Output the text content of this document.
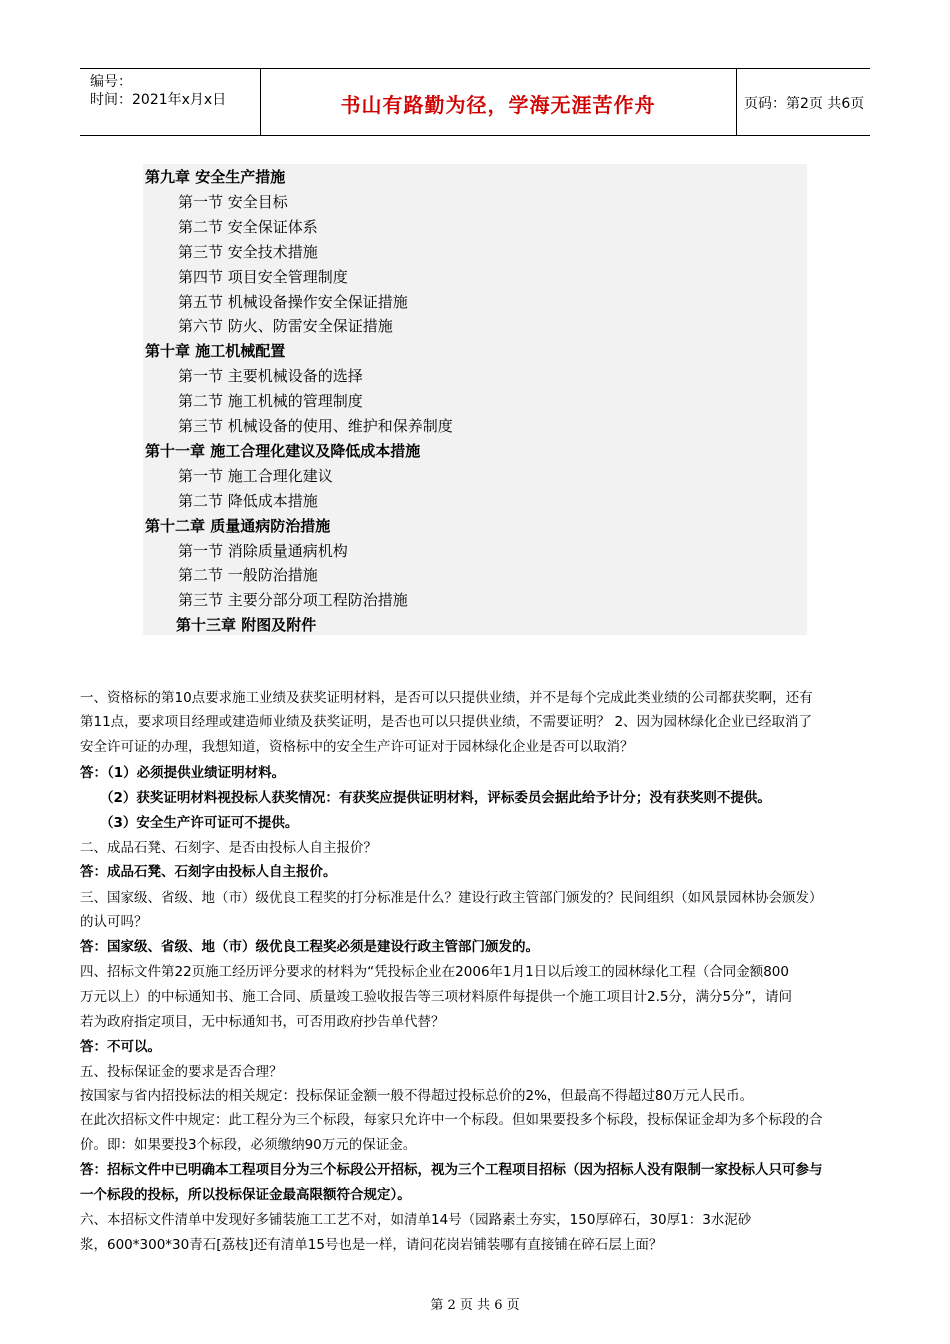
编号：
时间：2021年x月x日	书山有路勤为径，学海无涯苦作舟	页码：第2页 共6页
第九章 安全生产措施
第一节 安全目标
第二节 安全保证体系
第三节 安全技术措施
第四节 项目安全管理制度
第五节 机械设备操作安全保证措施
第六节 防火、防雷安全保证措施
第十章 施工机械配置
第一节 主要机械设备的选择
第二节 施工机械的管理制度
第三节 机械设备的使用、维护和保养制度
第十一章 施工合理化建议及降低成本措施
第一节 施工合理化建议
第二节 降低成本措施
第十二章 质量通病防治措施
第一节 消除质量通病机构
第二节 一般防治措施
第三节 主要分部分项工程防治措施
第十三章 附图及附件
一、资格标的第10点要求施工业绩及获奖证明材料，是否可以只提供业绩，并不是每个完成此类业绩的公司都获奖啊，还有
第11点，要求项目经理或建造师业绩及获奖证明，是否也可以只提供业绩，不需要证明？ 2、因为园林绿化企业已经取消了
安全许可证的办理，我想知道，资格标中的安全生产许可证对于园林绿化企业是否可以取消？
答：（1）必须提供业绩证明材料。
（2）获奖证明材料视投标人获奖情况：有获奖应提供证明材料，评标委员会据此给予计分；没有获奖则不提供。
（3）安全生产许可证可不提供。
二、成品石凳、石刻字、是否由投标人自主报价？
答：成品石凳、石刻字由投标人自主报价。
三、国家级、省级、地（市）级优良工程奖的打分标准是什么？建设行政主管部门颁发的？民间组织（如风景园林协会颁发）
的认可吗？
答：国家级、省级、地（市）级优良工程奖必须是建设行政主管部门颁发的。
四、招标文件第22页施工经历评分要求的材料为“凭投标企业在2006年1月1日以后竣工的园林绿化工程（合同金额800
万元以上）的中标通知书、施工合同、质量竣工验收报告等三项材料原件每提供一个施工项目计2.5分，满分5分”，请问
若为政府指定项目，无中标通知书，可否用政府抄告单代替？
答：不可以。
五、投标保证金的要求是否合理？
按国家与省内招投标法的相关规定：投标保证金额一般不得超过投标总价的2%，但最高不得超过80万元人民币。
在此次招标文件中规定：此工程分为三个标段，每家只允许中一个标段。但如果要投多个标段，投标保证金却为多个标段的合
价。即：如果要投3个标段，必须缴纳90万元的保证金。
答：招标文件中已明确本工程项目分为三个标段公开招标，视为三个工程项目招标（因为招标人没有限制一家投标人只可参与
一个标段的投标，所以投标保证金最高限额符合规定）。
六、本招标文件清单中发现好多铺装施工工艺不对，如清单14号（园路素土夯实，150厚碎石，30厚1：3水泥砂
浆，600*300*30青石[荔枝]还有清单15号也是一样，请问花岗岩铺装哪有直接铺在碎石层上面？
第 2 页 共 6 页
